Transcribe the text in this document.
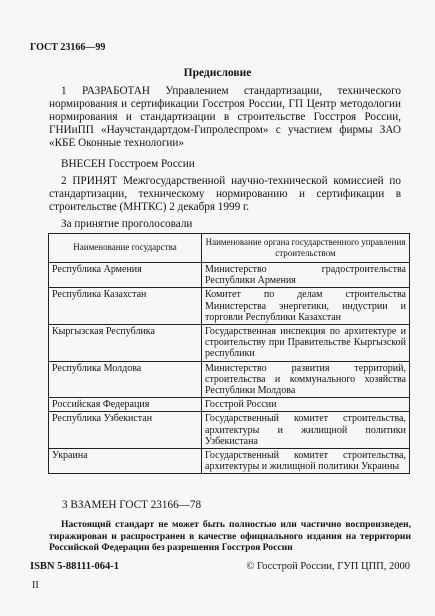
ГОСТ 23166—99
Предисловие
1 РАЗРАБОТАН Управлением стандартизации, технического нормирования и сертификации Госстроя России, ГП Центр методологии нормирования и стандартизации в строительстве Госстроя России, ГНИиПП «Научстандартдом-Гипролеспром» с участием фирмы ЗАО «КБЕ Оконные технологии»
ВНЕСЕН Госстроем России
2 ПРИНЯТ Межгосударственной научно-технической комиссией по стандартизации, техническому нормированию и сертификации в строительстве (МНТКС) 2 декабря 1999 г.
За принятие проголосовали
Наименование государства	Наименование органа государственного управления строительством
Республика Армения	Министерство градостроительства Республики Армения
Республика Казахстан	Комитет по делам строительства Министерства энергетики, индустрии и торговли Республики Казахстан
Кыргызская Республика	Государственная инспекция по архитектуре и строительству при Правительстве Кыргызской республики
Республика Молдова	Министерство развития территорий, строительства и коммунального хозяйства Республики Молдова
Российская Федерация	Госстрой России
Республика Узбекистан	Государственный комитет строительства, архитектуры и жилищной политики Узбекистана
Украина	Государственный комитет строительства, архитектуры и жилищной политики Украины
3 ВЗАМЕН ГОСТ 23166—78
Настоящий стандарт не может быть полностью или частично воспроизведен, тиражирован и распространен в качестве официального издания на территории Российской Федерации без разрешения Госстроя России
ISBN 5-88111-064-1	© Госстрой России, ГУП ЦПП, 2000
II
